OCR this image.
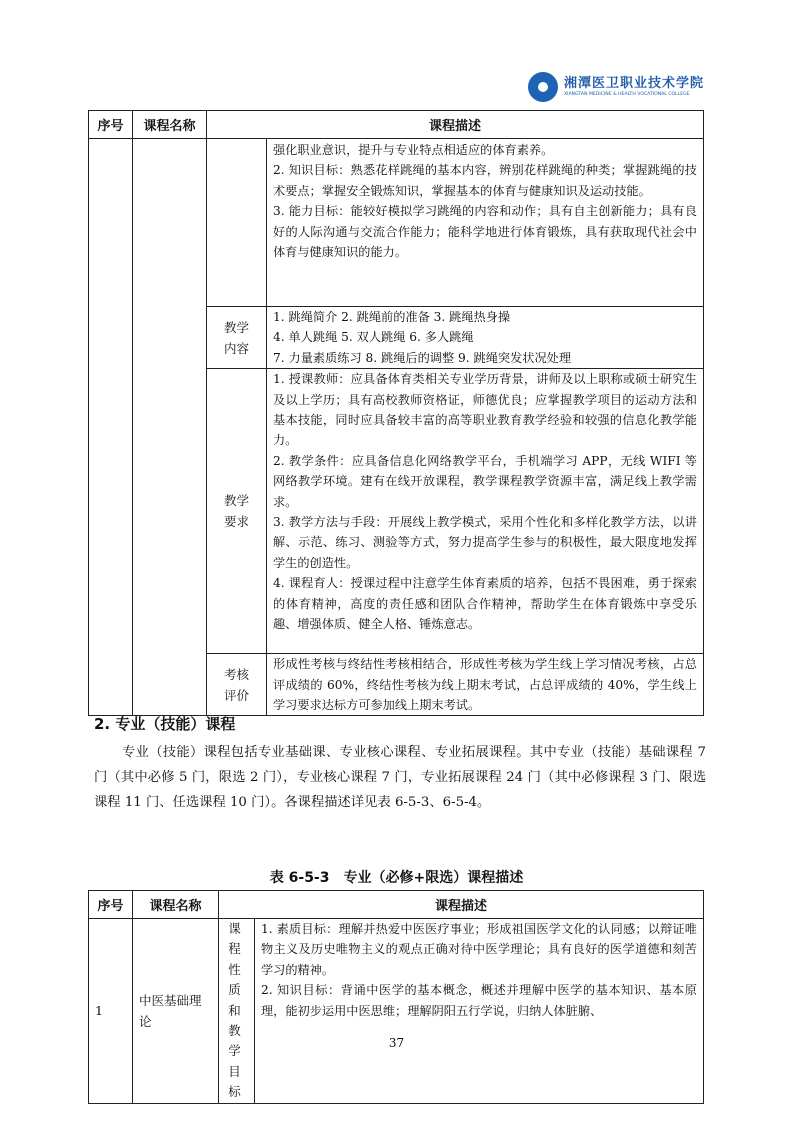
湘潭医卫职业技术学院
XIANGTAN MEDICINE & HEALTH VOCATIONAL COLLEGE
序号	课程名称	课程描述	

			强化职业意识，提升与专业特点相适应的体育素养。
2. 知识目标：熟悉花样跳绳的基本内容，辨别花样跳绳的种类；掌握跳绳的技术要点；掌握安全锻炼知识，掌握基本的体育与健康知识及运动技能。
3. 能力目标：能较好模拟学习跳绳的内容和动作；具有自主创新能力；具有良好的人际沟通与交流合作能力；能科学地进行体育锻炼，具有获取现代社会中体育与健康知识的能力。

		教学
内容	1. 跳绳简介 2. 跳绳前的准备 3. 跳绳热身操
4. 单人跳绳 5. 双人跳绳 6. 多人跳绳
7. 力量素质练习 8. 跳绳后的调整 9. 跳绳突发状况处理

		教学
要求	1. 授课教师：应具备体育类相关专业学历背景，讲师及以上职称或硕士研究生及以上学历；具有高校教师资格证，师德优良；应掌握教学项目的运动方法和基本技能，同时应具备较丰富的高等职业教育教学经验和较强的信息化教学能力。
2. 教学条件：应具备信息化网络教学平台，手机端学习 APP，无线 WIFI 等网络教学环境。建有在线开放课程，教学课程教学资源丰富，满足线上教学需求。
3. 教学方法与手段：开展线上教学模式，采用个性化和多样化教学方法，以讲解、示范、练习、测验等方式，努力提高学生参与的积极性，最大限度地发挥学生的创造性。
4. 课程育人：授课过程中注意学生体育素质的培养，包括不畏困难，勇于探索的体育精神，高度的责任感和团队合作精神，帮助学生在体育锻炼中享受乐趣、增强体质、健全人格、锤炼意志。

		考核
评价	形成性考核与终结性考核相结合，形成性考核为学生线上学习情况考核，占总评成绩的 60%，终结性考核为线上期末考试，占总评成绩的 40%，学生线上学习要求达标方可参加线上期末考试。
2. 专业（技能）课程
专业（技能）课程包括专业基础课、专业核心课程、专业拓展课程。其中专业（技能）基础课程 7 门（其中必修 5 门，限选 2 门），专业核心课程 7 门，专业拓展课程 24 门（其中必修课程 3 门、限选课程 11 门、任选课程 10 门）。各课程描述详见表 6-5-3、6-5-4。
表 6-5-3　专业（必修+限选）课程描述
序号	课程名称	课程描述	
1	中医基础理论	课程性质和教学目标	1. 素质目标：理解并热爱中医医疗事业；形成祖国医学文化的认同感；以辩证唯物主义及历史唯物主义的观点正确对待中医学理论；具有良好的医学道德和刻苦学习的精神。
2. 知识目标：背诵中医学的基本概念，概述并理解中医学的基本知识、基本原理，能初步运用中医思维；理解阴阳五行学说，归纳人体脏腑、
37
